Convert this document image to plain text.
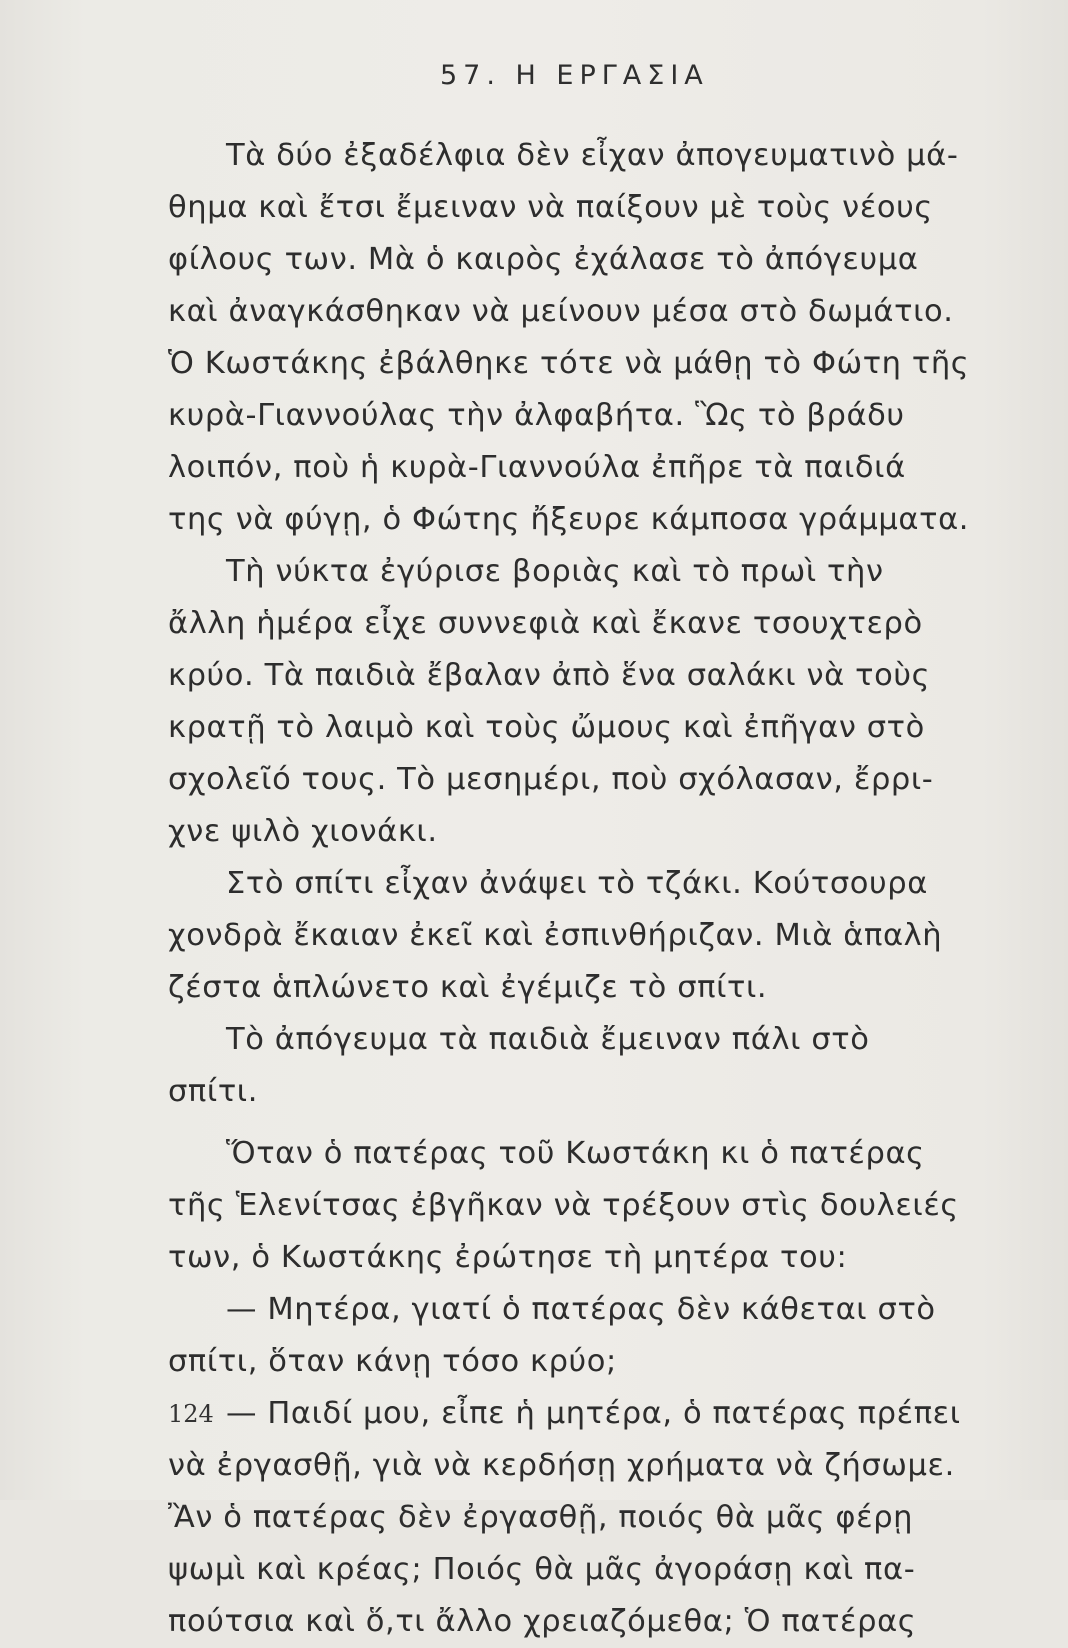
57. Η ΕΡΓΑΣΙΑ
Τὰ δύο ἐξαδέλφια δὲν εἶχαν ἀπογευματινὸ μά-
θημα καὶ ἔτσι ἔμειναν νὰ παίξουν μὲ τοὺς νέους
φίλους των. Μὰ ὁ καιρὸς ἐχάλασε τὸ ἀπόγευμα
καὶ ἀναγκάσθηκαν νὰ μείνουν μέσα στὸ δωμάτιο.
Ὁ Κωστάκης ἐβάλθηκε τότε νὰ μάθῃ τὸ Φώτη τῆς
κυρὰ-Γιαννούλας τὴν ἀλφαβήτα. Ὣς τὸ βράδυ
λοιπόν, ποὺ ἡ κυρὰ-Γιαννούλα ἐπῆρε τὰ παιδιά
της νὰ φύγῃ, ὁ Φώτης ἤξευρε κάμποσα γράμματα.
Τὴ νύκτα ἐγύρισε βοριὰς καὶ τὸ πρωὶ τὴν
ἄλλη ἡμέρα εἶχε συννεφιὰ καὶ ἔκανε τσουχτερὸ
κρύο. Τὰ παιδιὰ ἔβαλαν ἀπὸ ἕνα σαλάκι νὰ τοὺς
κρατῇ τὸ λαιμὸ καὶ τοὺς ὤμους καὶ ἐπῆγαν στὸ
σχολεῖό τους. Τὸ μεσημέρι, ποὺ σχόλασαν, ἔρρι-
χνε ψιλὸ χιονάκι.
Στὸ σπίτι εἶχαν ἀνάψει τὸ τζάκι. Κούτσουρα
χονδρὰ ἔκαιαν ἐκεῖ καὶ ἐσπινθήριζαν. Μιὰ ἁπαλὴ
ζέστα ἁπλώνετο καὶ ἐγέμιζε τὸ σπίτι.
Τὸ ἀπόγευμα τὰ παιδιὰ ἔμειναν πάλι στὸ
σπίτι.
Ὅταν ὁ πατέρας τοῦ Κωστάκη κι ὁ πατέρας
τῆς Ἑλενίτσας ἐβγῆκαν νὰ τρέξουν στὶς δουλειές
των, ὁ Κωστάκης ἐρώτησε τὴ μητέρα του:
— Μητέρα, γιατί ὁ πατέρας δὲν κάθεται στὸ
σπίτι, ὅταν κάνῃ τόσο κρύο;
— Παιδί μου, εἶπε ἡ μητέρα, ὁ πατέρας πρέπει
νὰ ἐργασθῇ, γιὰ νὰ κερδήσῃ χρήματα νὰ ζήσωμε.
Ἂν ὁ πατέρας δὲν ἐργασθῇ, ποιός θὰ μᾶς φέρῃ
ψωμὶ καὶ κρέας; Ποιός θὰ μᾶς ἀγοράσῃ καὶ πα-
πούτσια καὶ ὅ,τι ἄλλο χρειαζόμεθα; Ὁ πατέρας
124
